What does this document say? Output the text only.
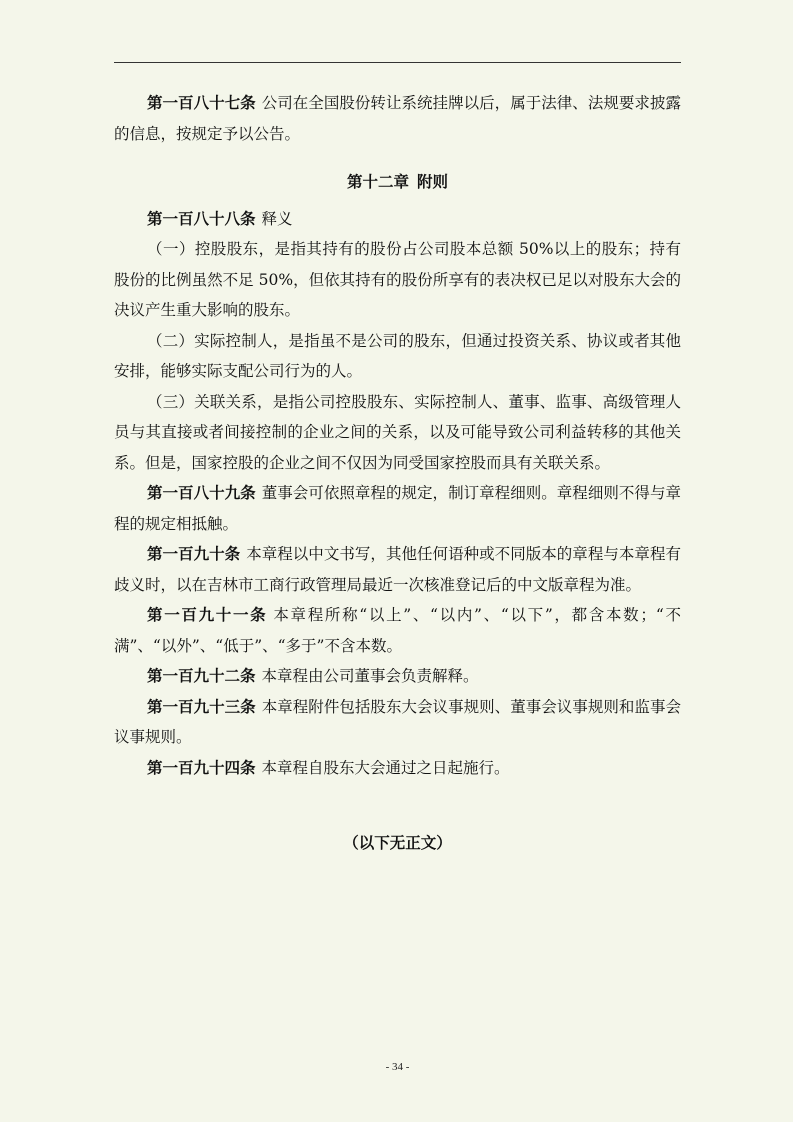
第一百八十七条 公司在全国股份转让系统挂牌以后，属于法律、法规要求披露的信息，按规定予以公告。

第十二章 附则

第一百八十八条 释义

（一）控股股东，是指其持有的股份占公司股本总额 50%以上的股东；持有股份的比例虽然不足 50%，但依其持有的股份所享有的表决权已足以对股东大会的决议产生重大影响的股东。

（二）实际控制人，是指虽不是公司的股东，但通过投资关系、协议或者其他安排，能够实际支配公司行为的人。

（三）关联关系，是指公司控股股东、实际控制人、董事、监事、高级管理人员与其直接或者间接控制的企业之间的关系，以及可能导致公司利益转移的其他关系。但是，国家控股的企业之间不仅因为同受国家控股而具有关联关系。

第一百八十九条 董事会可依照章程的规定，制订章程细则。章程细则不得与章程的规定相抵触。

第一百九十条 本章程以中文书写，其他任何语种或不同版本的章程与本章程有歧义时，以在吉林市工商行政管理局最近一次核准登记后的中文版章程为准。

第一百九十一条 本章程所称“以上”、“以内”、“以下”，都含本数；“不满”、“以外”、“低于”、“多于”不含本数。

第一百九十二条 本章程由公司董事会负责解释。

第一百九十三条 本章程附件包括股东大会议事规则、董事会议事规则和监事会议事规则。

第一百九十四条 本章程自股东大会通过之日起施行。

（以下无正文）
- 34 -
